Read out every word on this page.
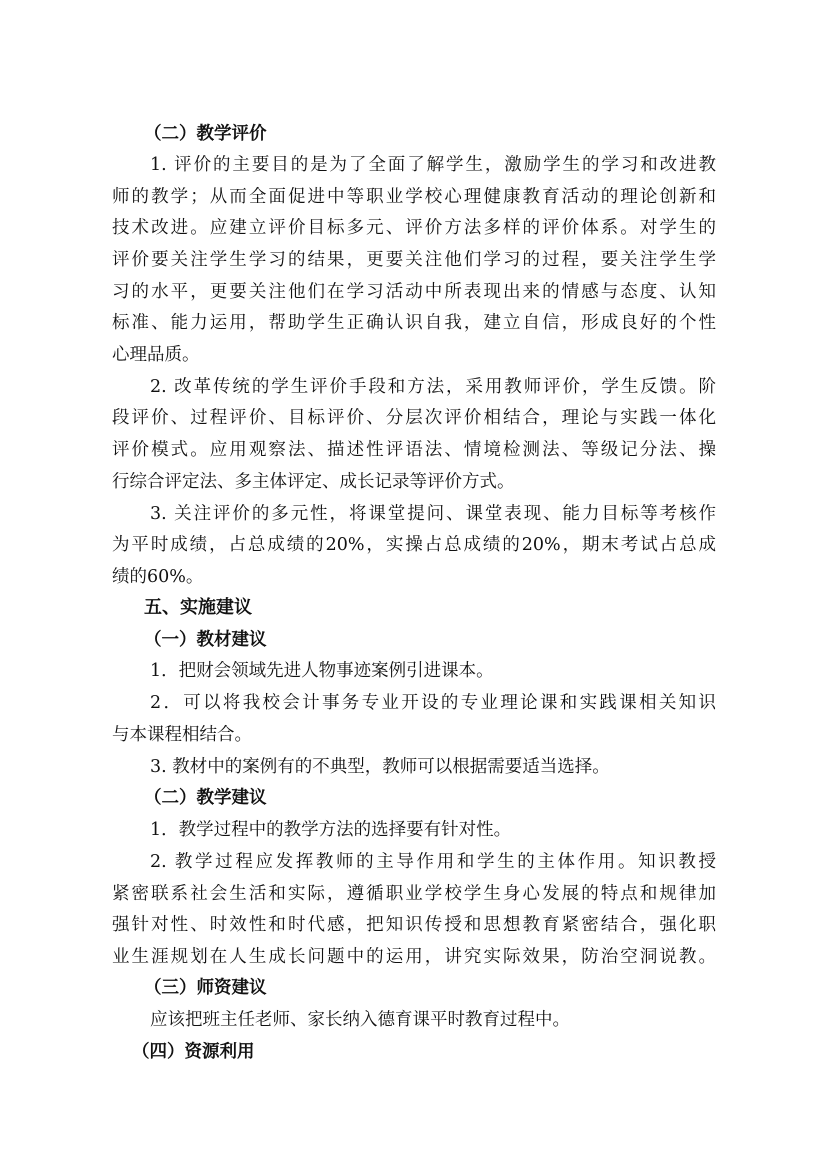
（二）教学评价
1. 评价的主要目的是为了全面了解学生，激励学生的学习和改进教
师的教学；从而全面促进中等职业学校心理健康教育活动的理论创新和
技术改进。应建立评价目标多元、评价方法多样的评价体系。对学生的
评价要关注学生学习的结果，更要关注他们学习的过程，要关注学生学
习的水平，更要关注他们在学习活动中所表现出来的情感与态度、认知
标准、能力运用，帮助学生正确认识自我，建立自信，形成良好的个性
心理品质。
2. 改革传统的学生评价手段和方法，采用教师评价，学生反馈。阶
段评价、过程评价、目标评价、分层次评价相结合，理论与实践一体化
评价模式。应用观察法、描述性评语法、情境检测法、等级记分法、操
行综合评定法、多主体评定、成长记录等评价方式。
3. 关注评价的多元性，将课堂提问、课堂表现、能力目标等考核作
为平时成绩，占总成绩的20%，实操占总成绩的20%，期末考试占总成
绩的60%。
五、实施建议
（一）教材建议
1．把财会领域先进人物事迹案例引进课本。
2．可以将我校会计事务专业开设的专业理论课和实践课相关知识
与本课程相结合。
3. 教材中的案例有的不典型，教师可以根据需要适当选择。
（二）教学建议
1．教学过程中的教学方法的选择要有针对性。
2. 教学过程应发挥教师的主导作用和学生的主体作用。知识教授
紧密联系社会生活和实际，遵循职业学校学生身心发展的特点和规律加
强针对性、时效性和时代感，把知识传授和思想教育紧密结合，强化职
业生涯规划在人生成长问题中的运用，讲究实际效果，防治空洞说教。
（三）师资建议
应该把班主任老师、家长纳入德育课平时教育过程中。
（四）资源利用
